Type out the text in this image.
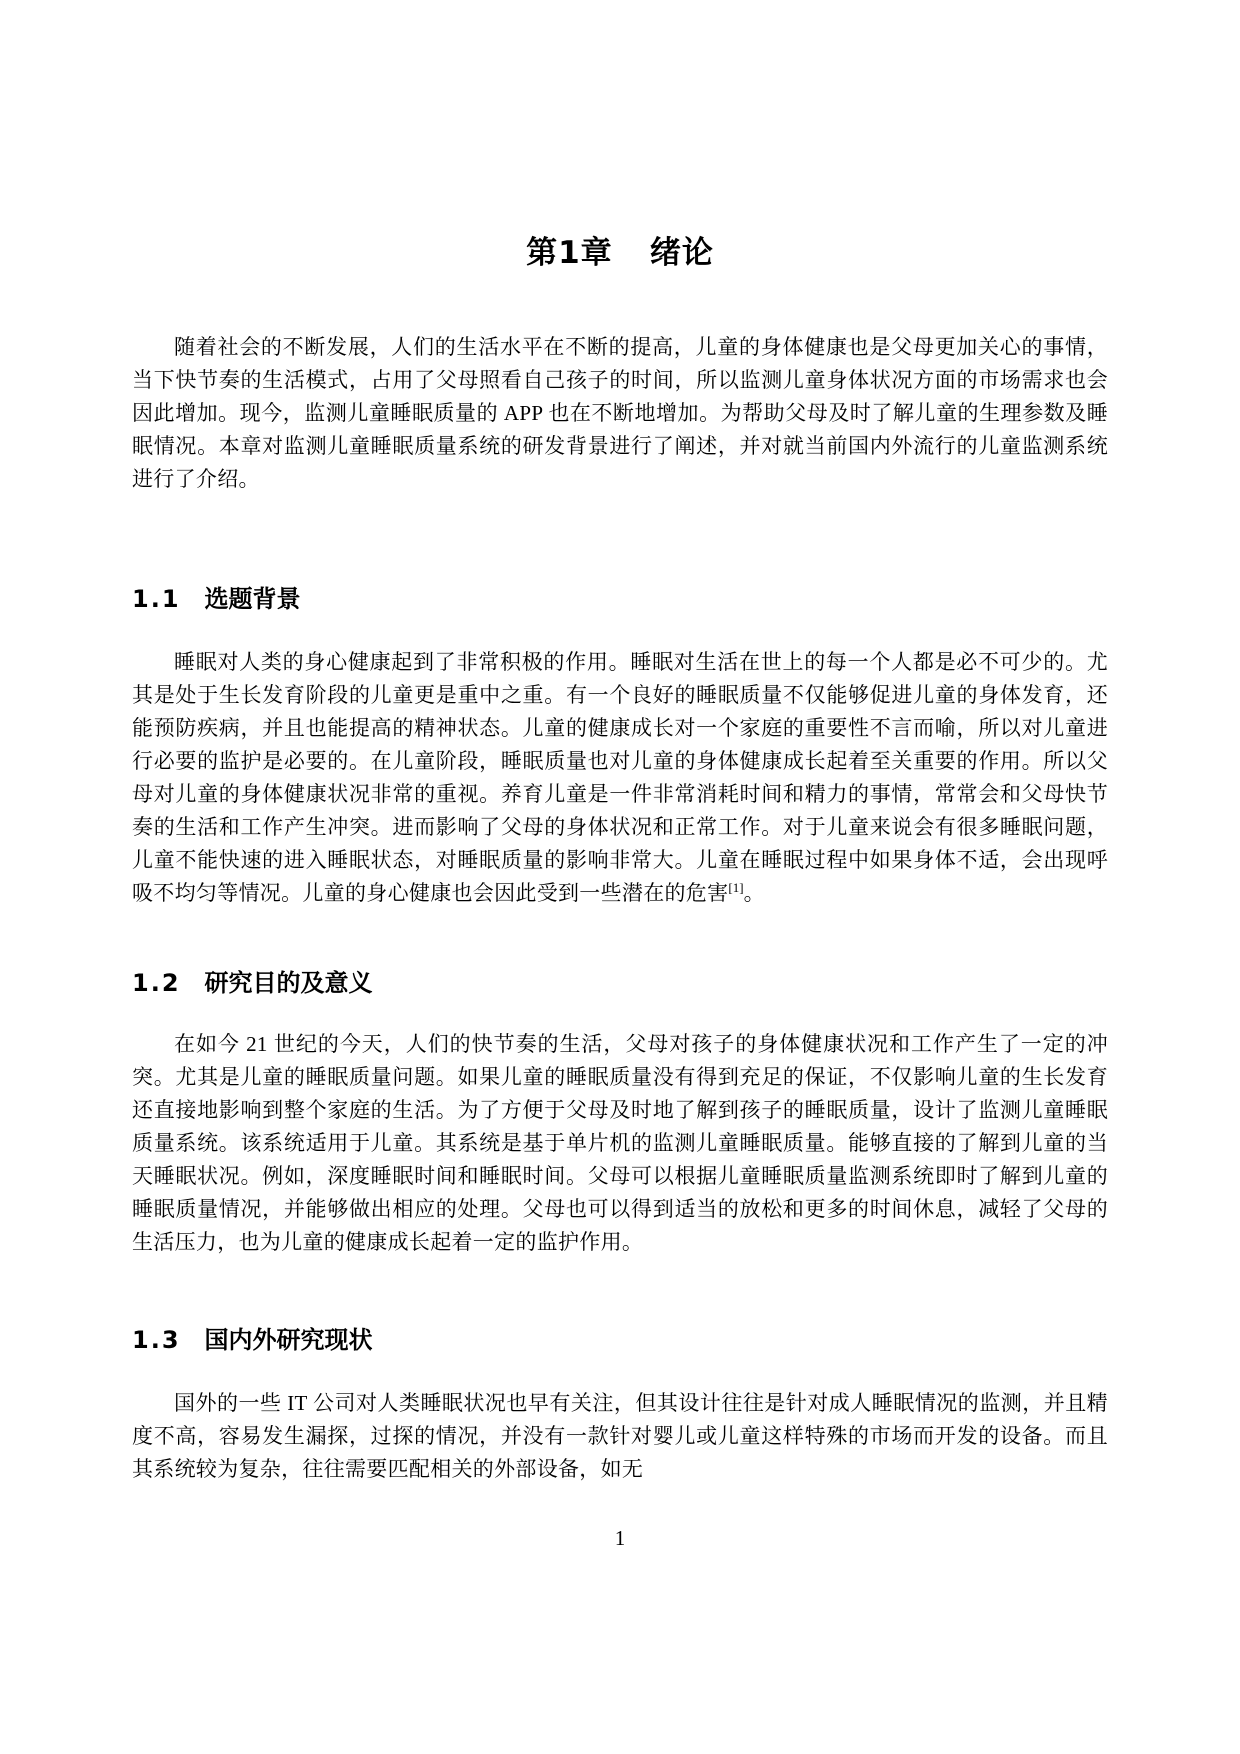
第1章 绪论

随着社会的不断发展，人们的生活水平在不断的提高，儿童的身体健康也是父母更加关心的事情，当下快节奏的生活模式，占用了父母照看自己孩子的时间，所以监测儿童身体状况方面的市场需求也会因此增加。现今，监测儿童睡眠质量的 APP 也在不断地增加。为帮助父母及时了解儿童的生理参数及睡眠情况。本章对监测儿童睡眠质量系统的研发背景进行了阐述，并对就当前国内外流行的儿童监测系统进行了介绍。

1.1 选题背景

睡眠对人类的身心健康起到了非常积极的作用。睡眠对生活在世上的每一个人都是必不可少的。尤其是处于生长发育阶段的儿童更是重中之重。有一个良好的睡眠质量不仅能够促进儿童的身体发育，还能预防疾病，并且也能提高的精神状态。儿童的健康成长对一个家庭的重要性不言而喻，所以对儿童进行必要的监护是必要的。在儿童阶段，睡眠质量也对儿童的身体健康成长起着至关重要的作用。所以父母对儿童的身体健康状况非常的重视。养育儿童是一件非常消耗时间和精力的事情，常常会和父母快节奏的生活和工作产生冲突。进而影响了父母的身体状况和正常工作。对于儿童来说会有很多睡眠问题，儿童不能快速的进入睡眠状态，对睡眠质量的影响非常大。儿童在睡眠过程中如果身体不适，会出现呼吸不均匀等情况。儿童的身心健康也会因此受到一些潜在的危害[1]。

1.2 研究目的及意义

在如今 21 世纪的今天，人们的快节奏的生活，父母对孩子的身体健康状况和工作产生了一定的冲突。尤其是儿童的睡眠质量问题。如果儿童的睡眠质量没有得到充足的保证，不仅影响儿童的生长发育还直接地影响到整个家庭的生活。为了方便于父母及时地了解到孩子的睡眠质量，设计了监测儿童睡眠质量系统。该系统适用于儿童。其系统是基于单片机的监测儿童睡眠质量。能够直接的了解到儿童的当天睡眠状况。例如，深度睡眠时间和睡眠时间。父母可以根据儿童睡眠质量监测系统即时了解到儿童的睡眠质量情况，并能够做出相应的处理。父母也可以得到适当的放松和更多的时间休息，减轻了父母的生活压力，也为儿童的健康成长起着一定的监护作用。

1.3 国内外研究现状

国外的一些 IT 公司对人类睡眠状况也早有关注，但其设计往往是针对成人睡眠情况的监测，并且精度不高，容易发生漏探，过探的情况，并没有一款针对婴儿或儿童这样特殊的市场而开发的设备。而且其系统较为复杂，往往需要匹配相关的外部设备，如无

1
